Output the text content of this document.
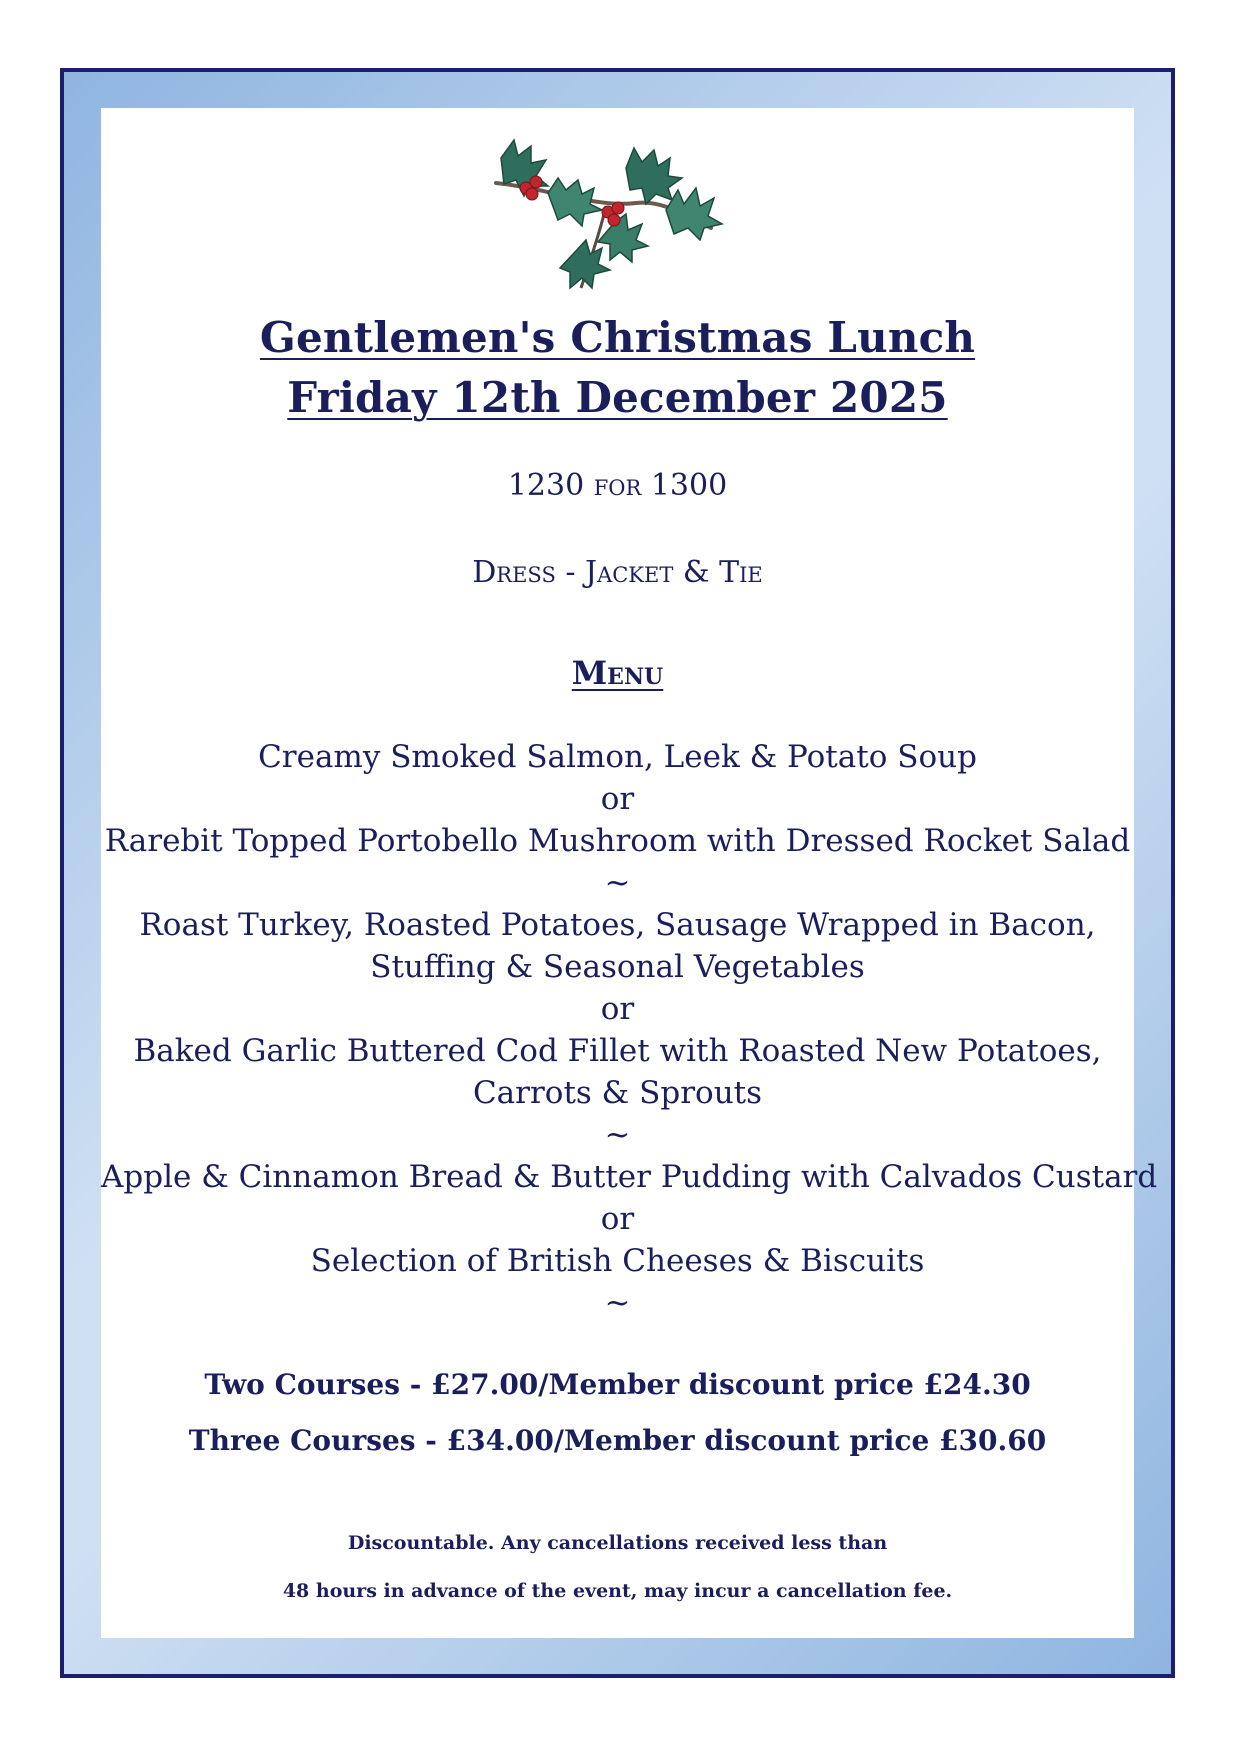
Gentlemen's Christmas Lunch
Friday 12th December 2025
1230 for 1300
Dress - Jacket & Tie
Menu
Creamy Smoked Salmon, Leek & Potato Soup
or
Rarebit Topped Portobello Mushroom with Dressed Rocket Salad
~
Roast Turkey, Roasted Potatoes, Sausage Wrapped in Bacon,
Stuffing & Seasonal Vegetables
or
Baked Garlic Buttered Cod Fillet with Roasted New Potatoes,
Carrots & Sprouts
~
Apple & Cinnamon Bread & Butter Pudding with Calvados Custard
or
Selection of British Cheeses & Biscuits
~
Two Courses - £27.00/Member discount price £24.30
Three Courses - £34.00/Member discount price £30.60
Discountable. Any cancellations received less than
48 hours in advance of the event, may incur a cancellation fee.
